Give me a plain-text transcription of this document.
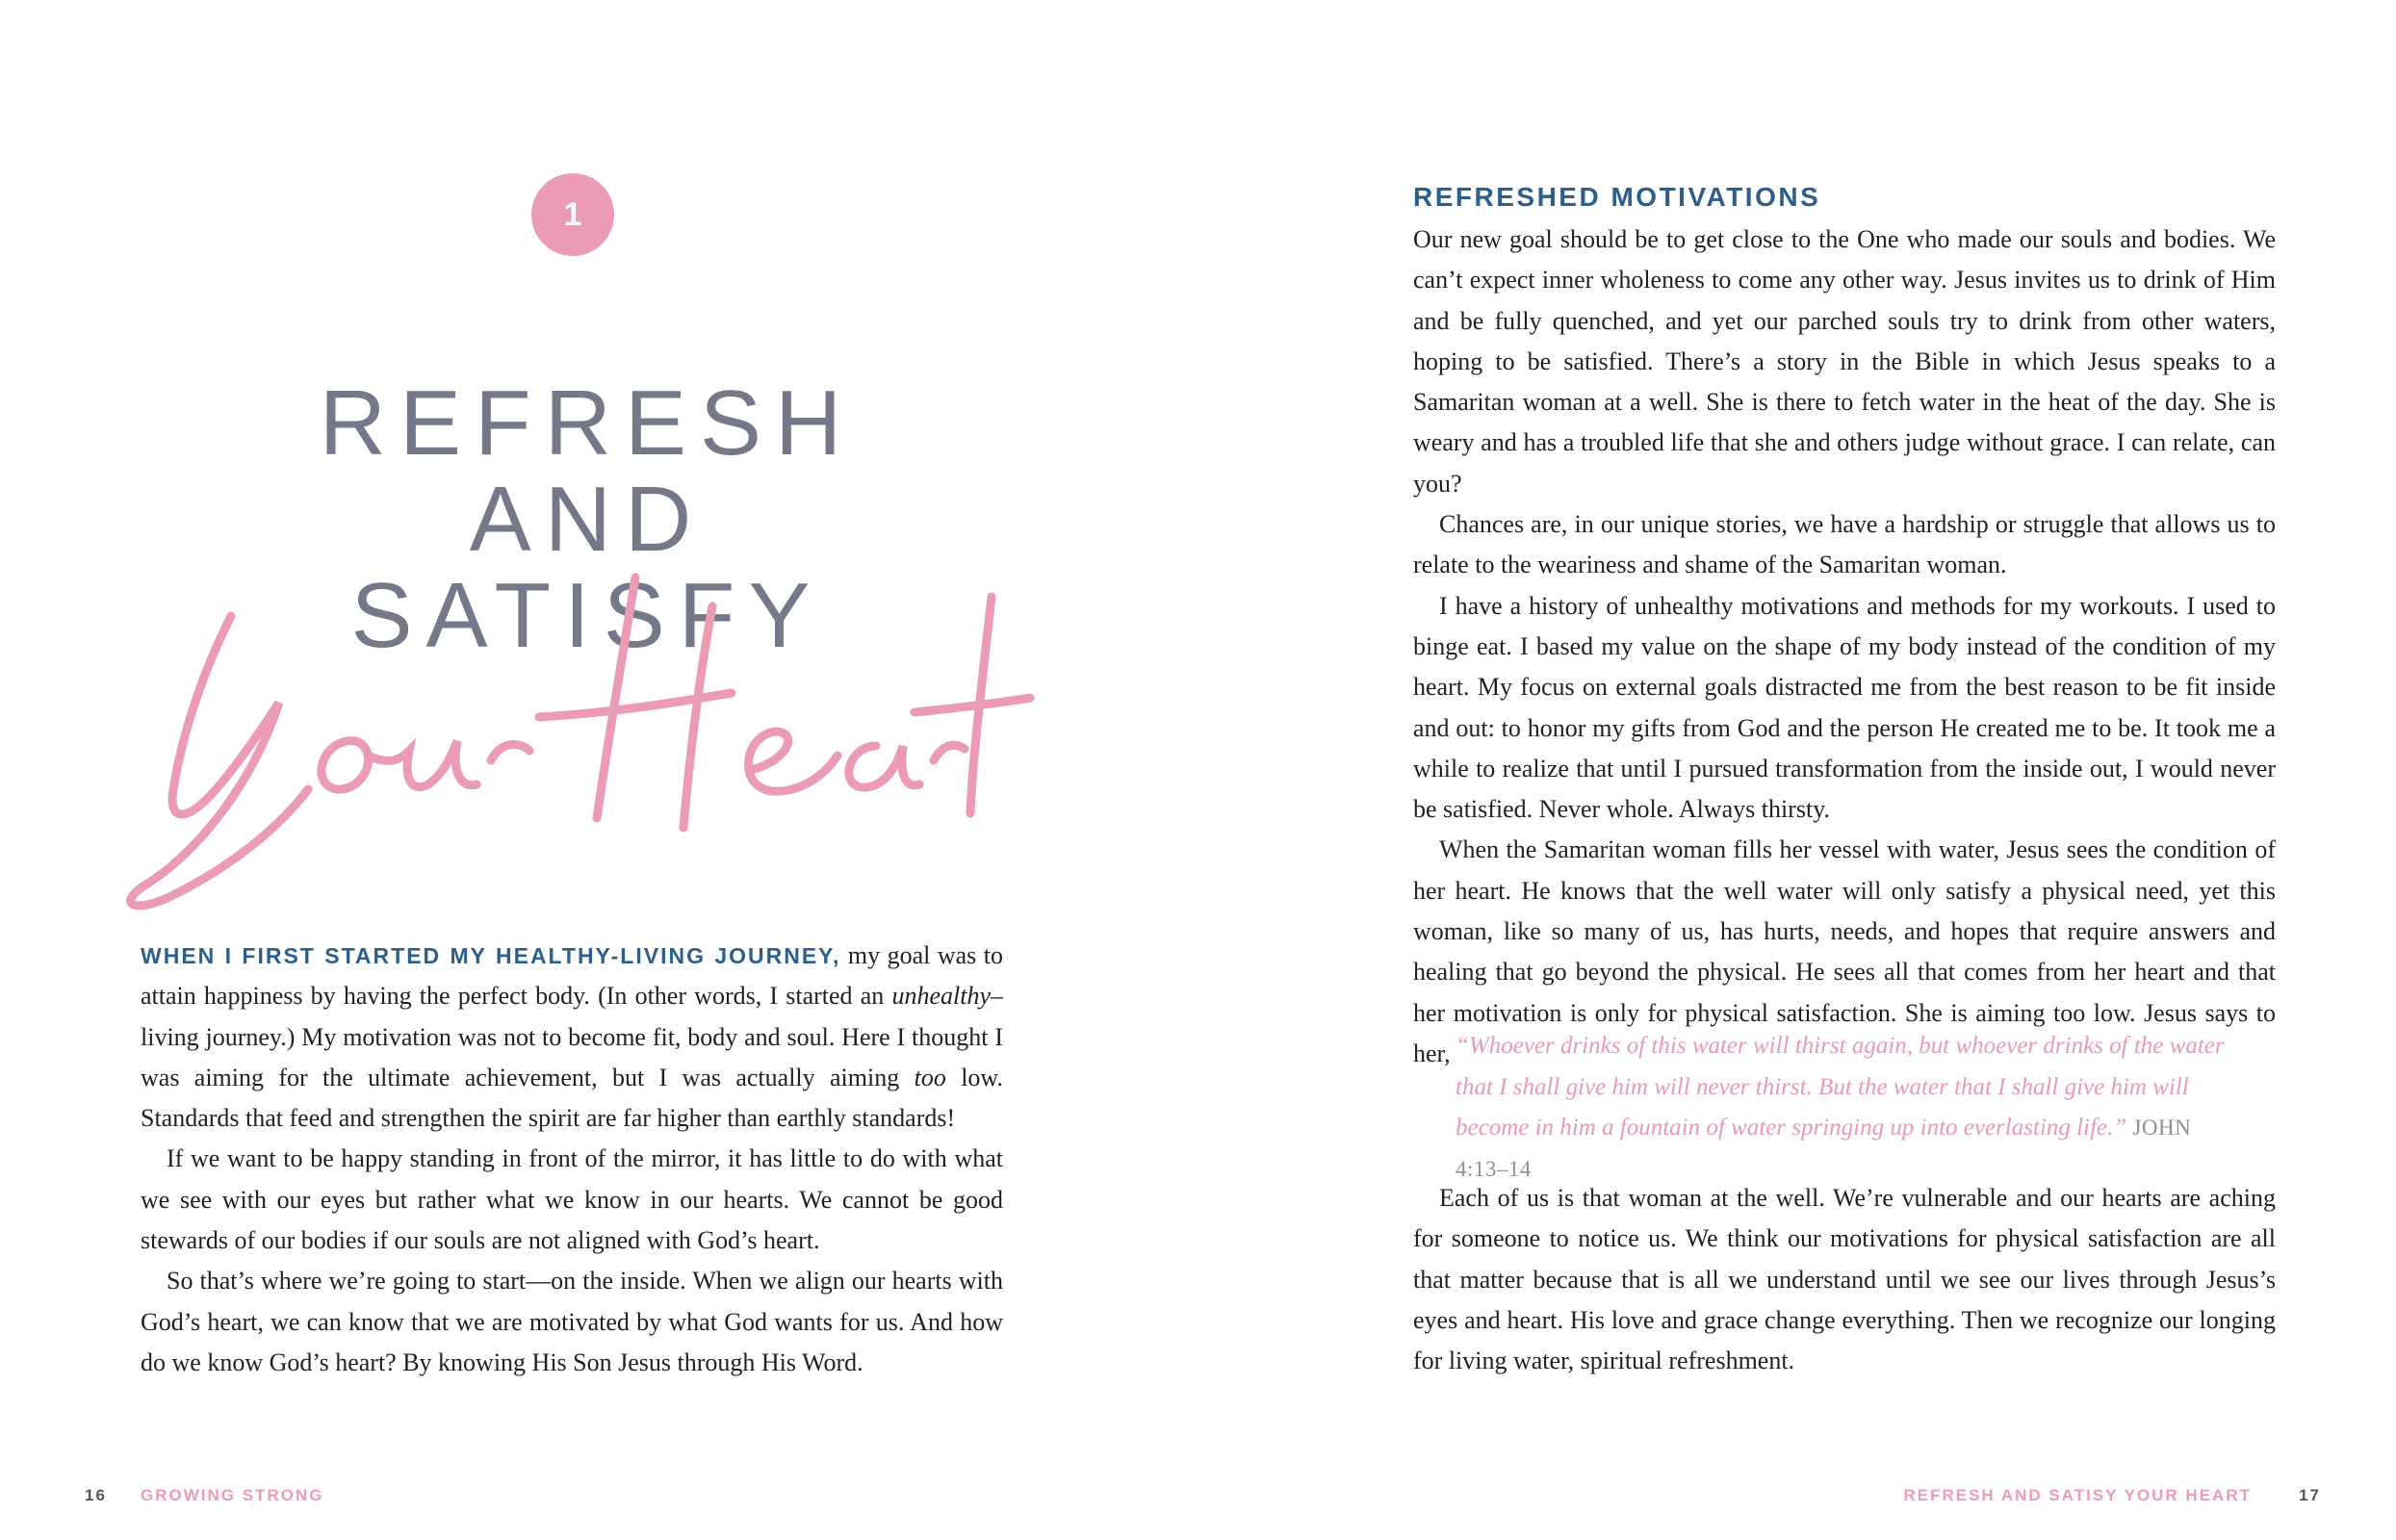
1
REFRESH
AND
SATISFY
Your Heart

WHEN I FIRST STARTED MY HEALTHY-LIVING JOURNEY, my goal was to attain happiness by having the perfect body. (In other words, I started an unhealthy–living journey.) My motivation was not to become fit, body and soul. Here I thought I was aiming for the ultimate achievement, but I was actually aiming too low. Standards that feed and strengthen the spirit are far higher than earthly standards!

If we want to be happy standing in front of the mirror, it has little to do with what we see with our eyes but rather what we know in our hearts. We cannot be good stewards of our bodies if our souls are not aligned with God’s heart.

So that’s where we’re going to start—on the inside. When we align our hearts with God’s heart, we can know that we are motivated by what God wants for us. And how do we know God’s heart? By knowing His Son Jesus through His Word.

16 GROWING STRONG
REFRESHED MOTIVATIONS

Our new goal should be to get close to the One who made our souls and bodies. We can’t expect inner wholeness to come any other way. Jesus invites us to drink of Him and be fully quenched, and yet our parched souls try to drink from other waters, hoping to be satisfied. There’s a story in the Bible in which Jesus speaks to a Samaritan woman at a well. She is there to fetch water in the heat of the day. She is weary and has a troubled life that she and others judge without grace. I can relate, can you?

Chances are, in our unique stories, we have a hardship or struggle that allows us to relate to the weariness and shame of the Samaritan woman.

I have a history of unhealthy motivations and methods for my workouts. I used to binge eat. I based my value on the shape of my body instead of the condition of my heart. My focus on external goals distracted me from the best reason to be fit inside and out: to honor my gifts from God and the person He created me to be. It took me a while to realize that until I pursued transformation from the inside out, I would never be satisfied. Never whole. Always thirsty.

When the Samaritan woman fills her vessel with water, Jesus sees the condition of her heart. He knows that the well water will only satisfy a physical need, yet this woman, like so many of us, has hurts, needs, and hopes that require answers and healing that go beyond the physical. He sees all that comes from her heart and that her motivation is only for physical satisfaction. She is aiming too low. Jesus says to her, “Whoever drinks of this water will thirst again, but whoever drinks of the water that I shall give him will never thirst. But the water that I shall give him will become in him a fountain of water springing up into everlasting life.” JOHN 4:13–14

Each of us is that woman at the well. We’re vulnerable and our hearts are aching for someone to notice us. We think our motivations for physical satisfaction are all that matter because that is all we understand until we see our lives through Jesus’s eyes and heart. His love and grace change everything. Then we recognize our longing for living water, spiritual refreshment.

REFRESH AND SATISY YOUR HEART	17
